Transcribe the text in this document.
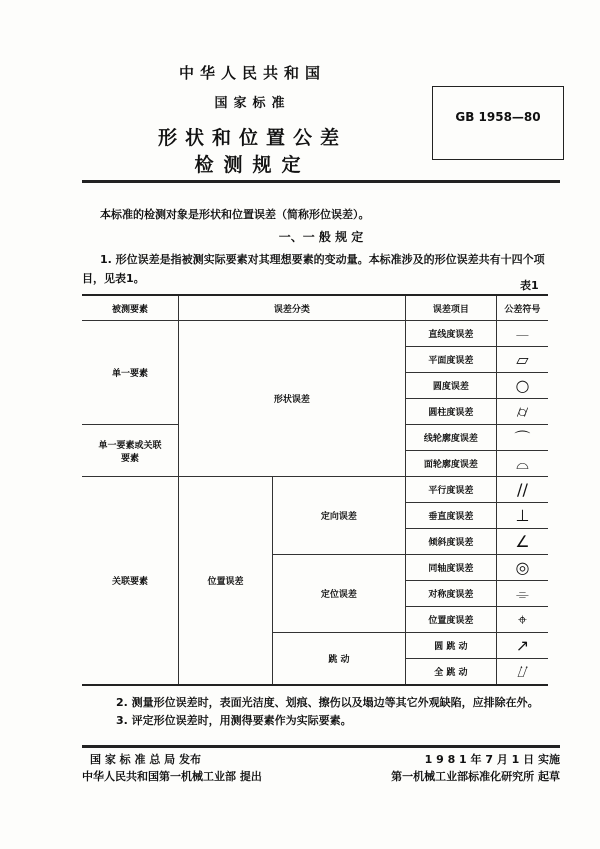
中华人民共和国
国家标准
形状和位置公差
检测规定
GB 1958—80
本标准的检测对象是形状和位置误差（简称形位误差）。
一、一 般 规 定
1. 形位误差是指被测实际要素对其理想要素的变动量。本标准涉及的形位误差共有十四个项目，见表1。
表1
被测要素	误差分类		误差项目	公差符号
单一要素	形状误差		直线度误差	⏤
			平面度误差	▱
			圆度误差	○
			圆柱度误差	⌭
单一要素或关联要素			线轮廓度误差	⌒
			面轮廓度误差	⌓
关联要素	位置误差	定向误差	平行度误差	//
			垂直度误差	⊥
			倾斜度误差	∠
		定位误差	同轴度误差	◎
			对称度误差	⌯
			位置度误差	⌖
		跳 动	圆 跳 动	↗
			全 跳 动	⌰
2. 测量形位误差时，表面光洁度、划痕、擦伤以及塌边等其它外观缺陷，应排除在外。
3. 评定形位误差时，用测得要素作为实际要素。
国 家 标 准 总 局 发布	1 9 8 1 年 7 月 1 日 实施
中华人民共和国第一机械工业部 提出	第一机械工业部标准化研究所 起草
